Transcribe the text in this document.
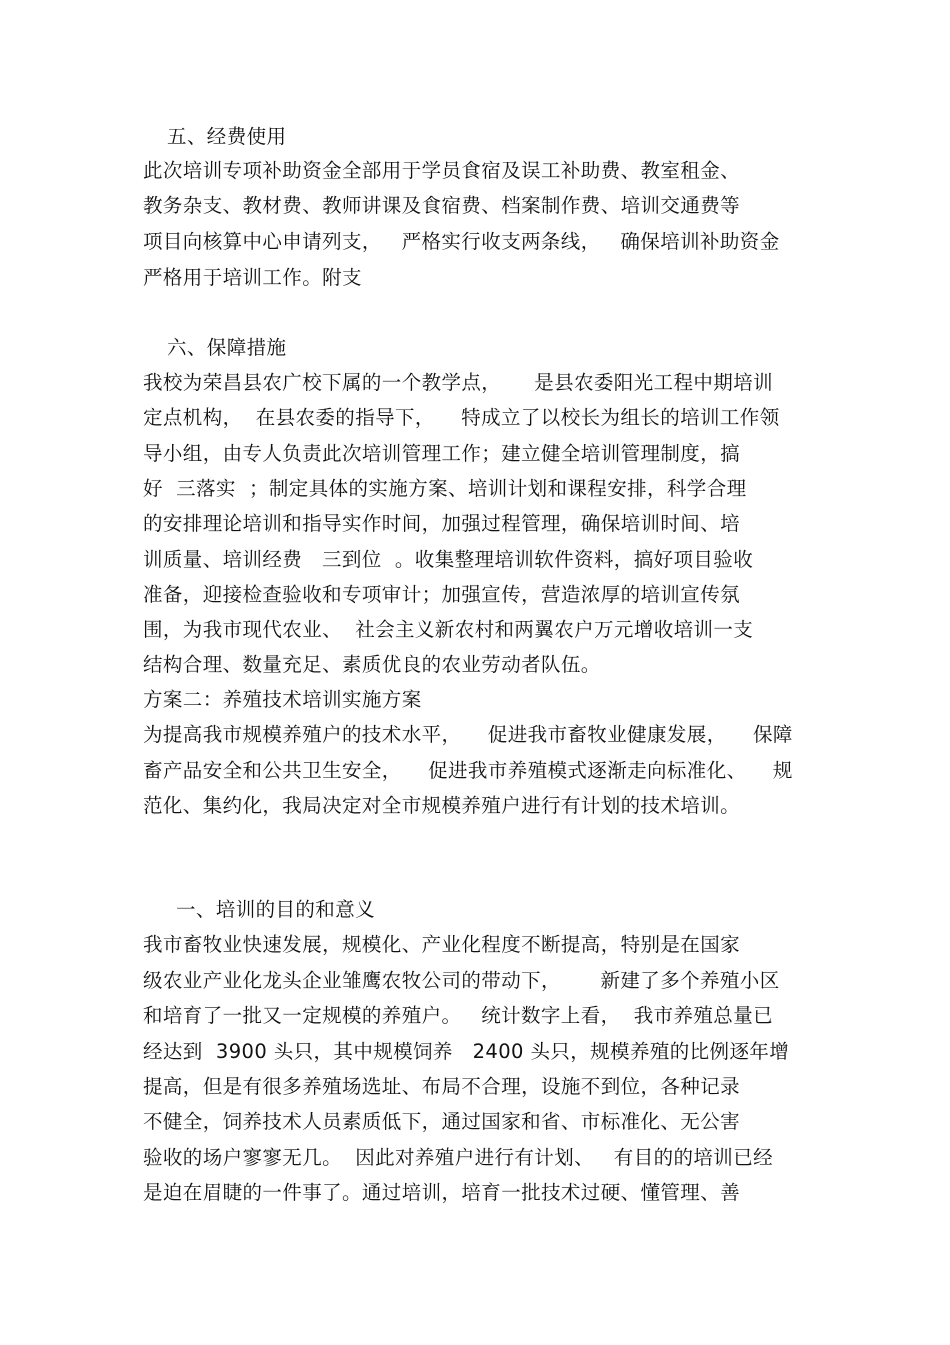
五、经费使用
此次培训专项补助资金全部用于学员食宿及误工补助费、教室租金、
教务杂支、教材费、教师讲课及食宿费、档案制作费、培训交通费等
项目向核算中心申请列支，   严格实行收支两条线，   确保培训补助资金
严格用于培训工作。附支
六、保障措施
我校为荣昌县农广校下属的一个教学点，     是县农委阳光工程中期培训
定点机构，  在县农委的指导下，    特成立了以校长为组长的培训工作领
导小组，由专人负责此次培训管理工作；建立健全培训管理制度，搞
好  三落实  ；制定具体的实施方案、培训计划和课程安排，科学合理
的安排理论培训和指导实作时间，加强过程管理，确保培训时间、培
训质量、培训经费   三到位  。收集整理培训软件资料，搞好项目验收
准备，迎接检查验收和专项审计；加强宣传，营造浓厚的培训宣传氛
围，为我市现代农业、  社会主义新农村和两翼农户万元增收培训一支
结构合理、数量充足、素质优良的农业劳动者队伍。
方案二：养殖技术培训实施方案
为提高我市规模养殖户的技术水平，    促进我市畜牧业健康发展，    保障
畜产品安全和公共卫生安全，    促进我市养殖模式逐渐走向标准化、    规
范化、集约化，我局决定对全市规模养殖户进行有计划的技术培训。
一、培训的目的和意义
我市畜牧业快速发展，规模化、产业化程度不断提高，特别是在国家
级农业产业化龙头企业雏鹰农牧公司的带动下，      新建了多个养殖小区
和培育了一批又一定规模的养殖户。   统计数字上看，  我市养殖总量已
经达到  3900 头只，其中规模饲养   2400 头只，规模养殖的比例逐年增
提高，但是有很多养殖场选址、布局不合理，设施不到位，各种记录
不健全，饲养技术人员素质低下，通过国家和省、市标准化、无公害
验收的场户寥寥无几。  因此对养殖户进行有计划、   有目的的培训已经
是迫在眉睫的一件事了。通过培训，培育一批技术过硬、懂管理、善
